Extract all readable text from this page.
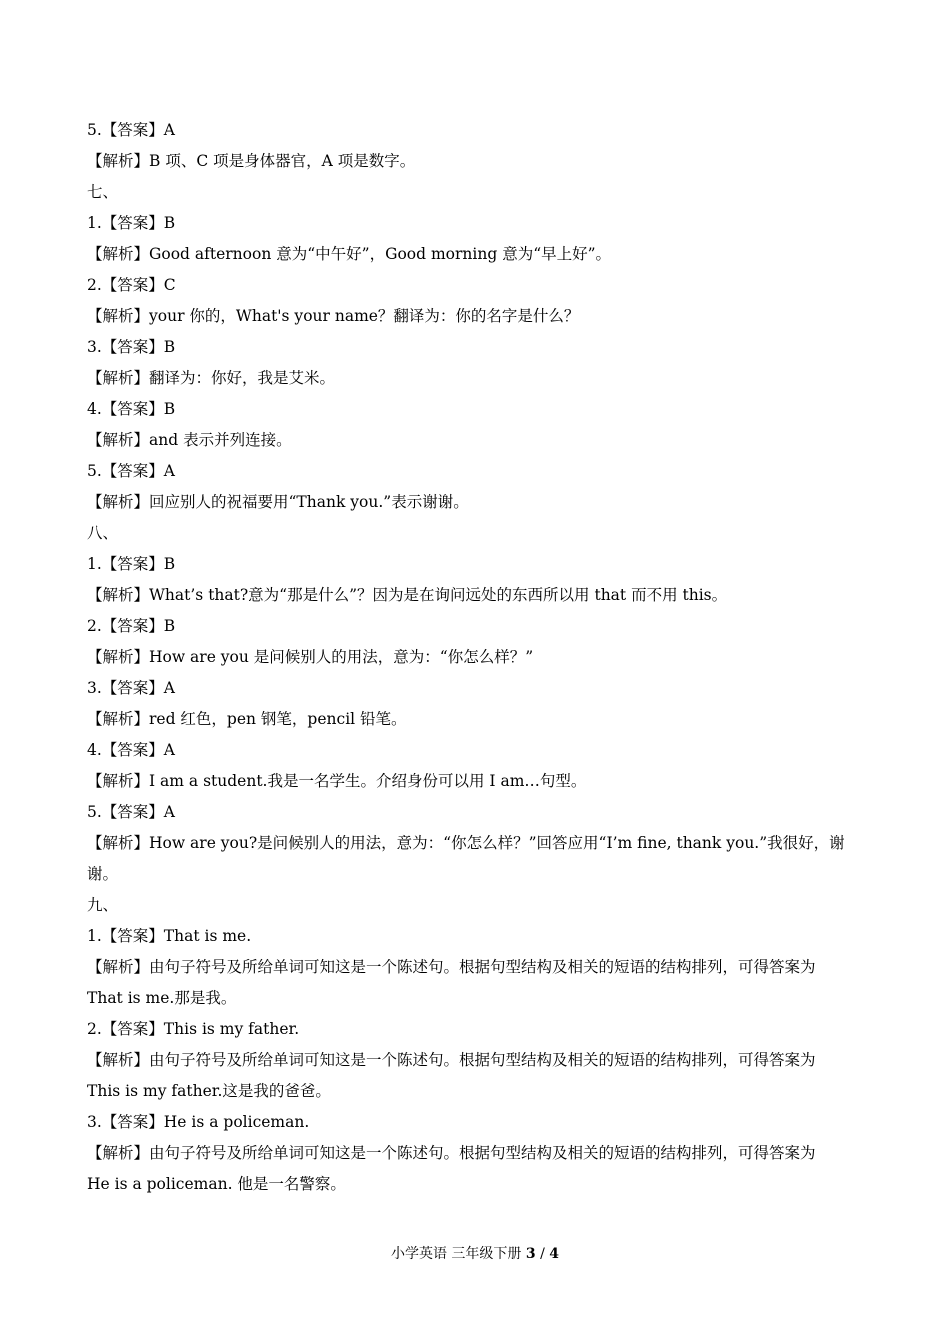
5.【答案】A
【解析】B 项、C 项是身体器官，A 项是数字。
七、
1.【答案】B
【解析】Good afternoon 意为“中午好”，Good morning 意为“早上好”。
2.【答案】C
【解析】your 你的，What's your name？翻译为：你的名字是什么？
3.【答案】B
【解析】翻译为：你好，我是艾米。
4.【答案】B
【解析】and 表示并列连接。
5.【答案】A
【解析】回应别人的祝福要用“Thank you.”表示谢谢。
八、
1.【答案】B
【解析】What’s that?意为“那是什么”？因为是在询问远处的东西所以用 that 而不用 this。
2.【答案】B
【解析】How are you 是问候别人的用法，意为：“你怎么样？”
3.【答案】A
【解析】red 红色，pen 钢笔，pencil 铅笔。
4.【答案】A
【解析】I am a student.我是一名学生。介绍身份可以用 I am…句型。
5.【答案】A
【解析】How are you?是问候别人的用法，意为：“你怎么样？”回答应用“I’m fine, thank you.”我很好，谢
谢。
九、
1.【答案】That is me.
【解析】由句子符号及所给单词可知这是一个陈述句。根据句型结构及相关的短语的结构排列，可得答案为
That is me.那是我。
2.【答案】This is my father.
【解析】由句子符号及所给单词可知这是一个陈述句。根据句型结构及相关的短语的结构排列，可得答案为
This is my father.这是我的爸爸。
3.【答案】He is a policeman.
【解析】由句子符号及所给单词可知这是一个陈述句。根据句型结构及相关的短语的结构排列，可得答案为
He is a policeman. 他是一名警察。
小学英语 三年级下册 3 / 4
